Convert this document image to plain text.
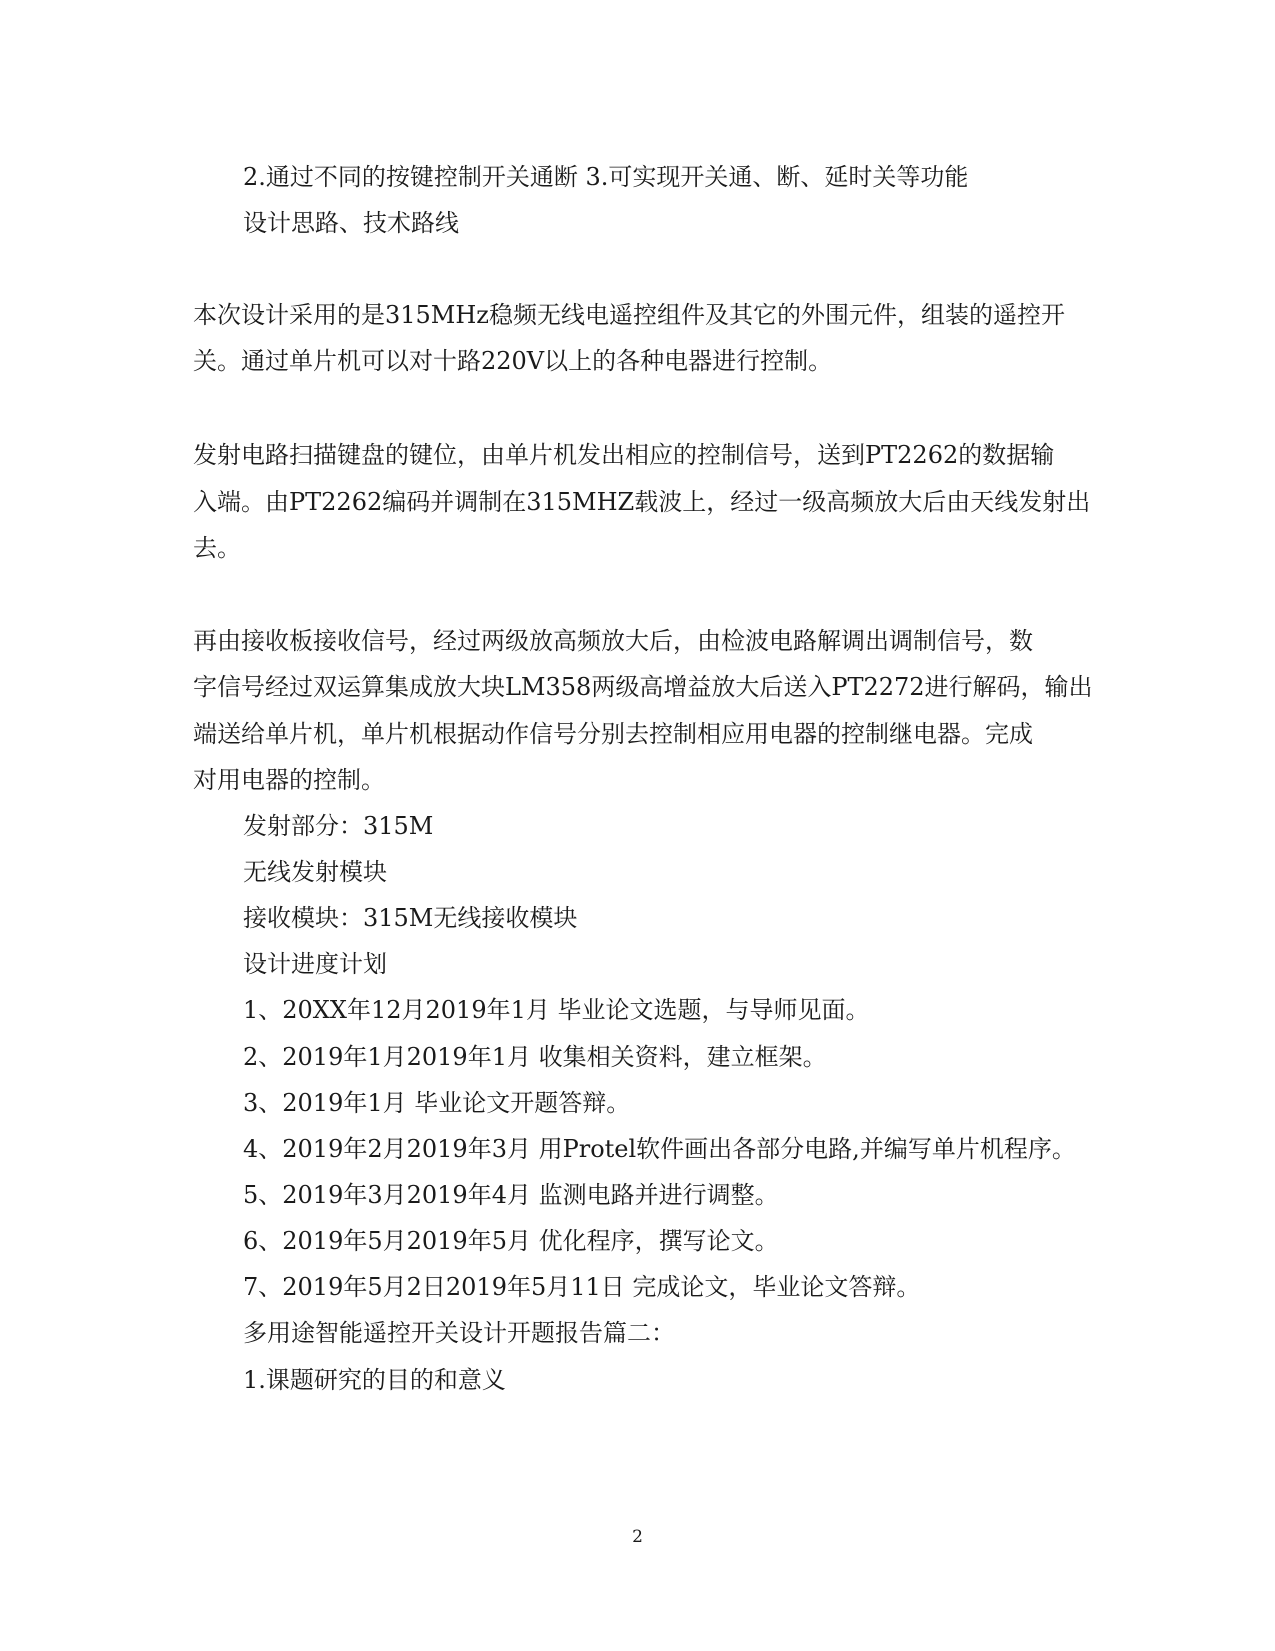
2.通过不同的按键控制开关通断 3.可实现开关通、断、延时关等功能

设计思路、技术路线

本次设计采用的是315MHz稳频无线电遥控组件及其它的外围元件，组装的遥控开

关。通过单片机可以对十路220V以上的各种电器进行控制。

发射电路扫描键盘的键位，由单片机发出相应的控制信号，送到PT2262的数据输

入端。由PT2262编码并调制在315MHZ载波上，经过一级高频放大后由天线发射出

去。

再由接收板接收信号，经过两级放高频放大后，由检波电路解调出调制信号，数

字信号经过双运算集成放大块LM358两级高增益放大后送入PT2272进行解码，输出

端送给单片机，单片机根据动作信号分别去控制相应用电器的控制继电器。完成

对用电器的控制。

发射部分：315M

无线发射模块

接收模块：315M无线接收模块

设计进度计划

1、20XX年12月2019年1月 毕业论文选题，与导师见面。

2、2019年1月2019年1月 收集相关资料，建立框架。

3、2019年1月 毕业论文开题答辩。

4、2019年2月2019年3月 用Protel软件画出各部分电路,并编写单片机程序。

5、2019年3月2019年4月 监测电路并进行调整。

6、2019年5月2019年5月 优化程序，撰写论文。

7、2019年5月2日2019年5月11日 完成论文，毕业论文答辩。

多用途智能遥控开关设计开题报告篇二：

1.课题研究的目的和意义

2
